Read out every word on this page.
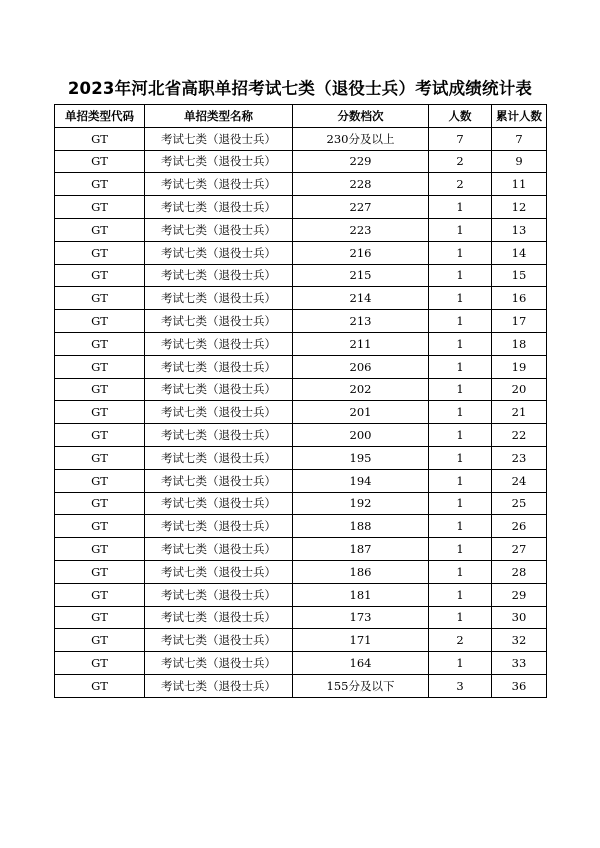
2023年河北省高职单招考试七类（退役士兵）考试成绩统计表
单招类型代码	单招类型名称	分数档次	人数	累计人数
GT	考试七类（退役士兵）	230分及以上	7	7
GT	考试七类（退役士兵）	229	2	9
GT	考试七类（退役士兵）	228	2	11
GT	考试七类（退役士兵）	227	1	12
GT	考试七类（退役士兵）	223	1	13
GT	考试七类（退役士兵）	216	1	14
GT	考试七类（退役士兵）	215	1	15
GT	考试七类（退役士兵）	214	1	16
GT	考试七类（退役士兵）	213	1	17
GT	考试七类（退役士兵）	211	1	18
GT	考试七类（退役士兵）	206	1	19
GT	考试七类（退役士兵）	202	1	20
GT	考试七类（退役士兵）	201	1	21
GT	考试七类（退役士兵）	200	1	22
GT	考试七类（退役士兵）	195	1	23
GT	考试七类（退役士兵）	194	1	24
GT	考试七类（退役士兵）	192	1	25
GT	考试七类（退役士兵）	188	1	26
GT	考试七类（退役士兵）	187	1	27
GT	考试七类（退役士兵）	186	1	28
GT	考试七类（退役士兵）	181	1	29
GT	考试七类（退役士兵）	173	1	30
GT	考试七类（退役士兵）	171	2	32
GT	考试七类（退役士兵）	164	1	33
GT	考试七类（退役士兵）	155分及以下	3	36
